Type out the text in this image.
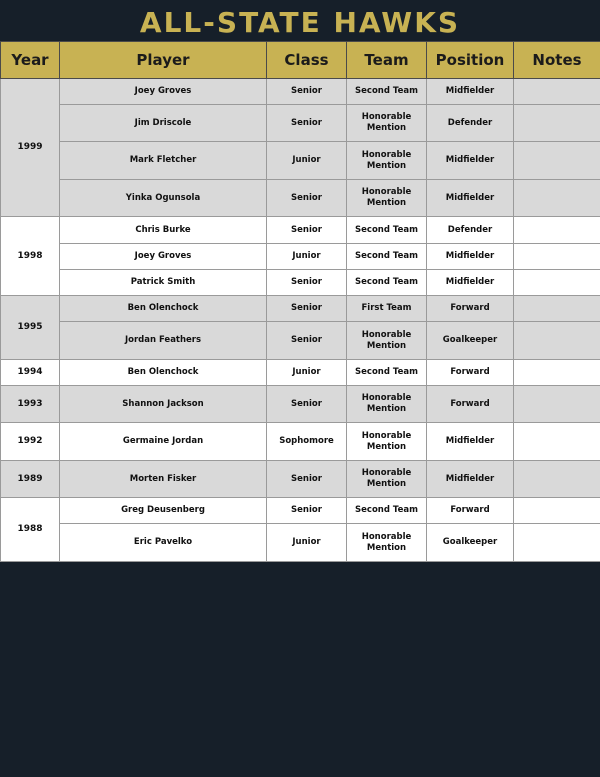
ALL-STATE HAWKS
Year	Player	Class	Team	Position	Notes
1999	Joey Groves	Senior	Second Team	Midfielder	
	Jim Driscole	Senior	Honorable Mention	Defender	
	Mark Fletcher	Junior	Honorable Mention	Midfielder	
	Yinka Ogunsola	Senior	Honorable Mention	Midfielder	
1998	Chris Burke	Senior	Second Team	Defender	
	Joey Groves	Junior	Second Team	Midfielder	
	Patrick Smith	Senior	Second Team	Midfielder	
1995	Ben Olenchock	Senior	First Team	Forward	
	Jordan Feathers	Senior	Honorable Mention	Goalkeeper	
1994	Ben Olenchock	Junior	Second Team	Forward	
1993	Shannon Jackson	Senior	Honorable Mention	Forward	
1992	Germaine Jordan	Sophomore	Honorable Mention	Midfielder	
1989	Morten Fisker	Senior	Honorable Mention	Midfielder	
1988	Greg Deusenberg	Senior	Second Team	Forward	
	Eric Pavelko	Junior	Honorable Mention	Goalkeeper	
